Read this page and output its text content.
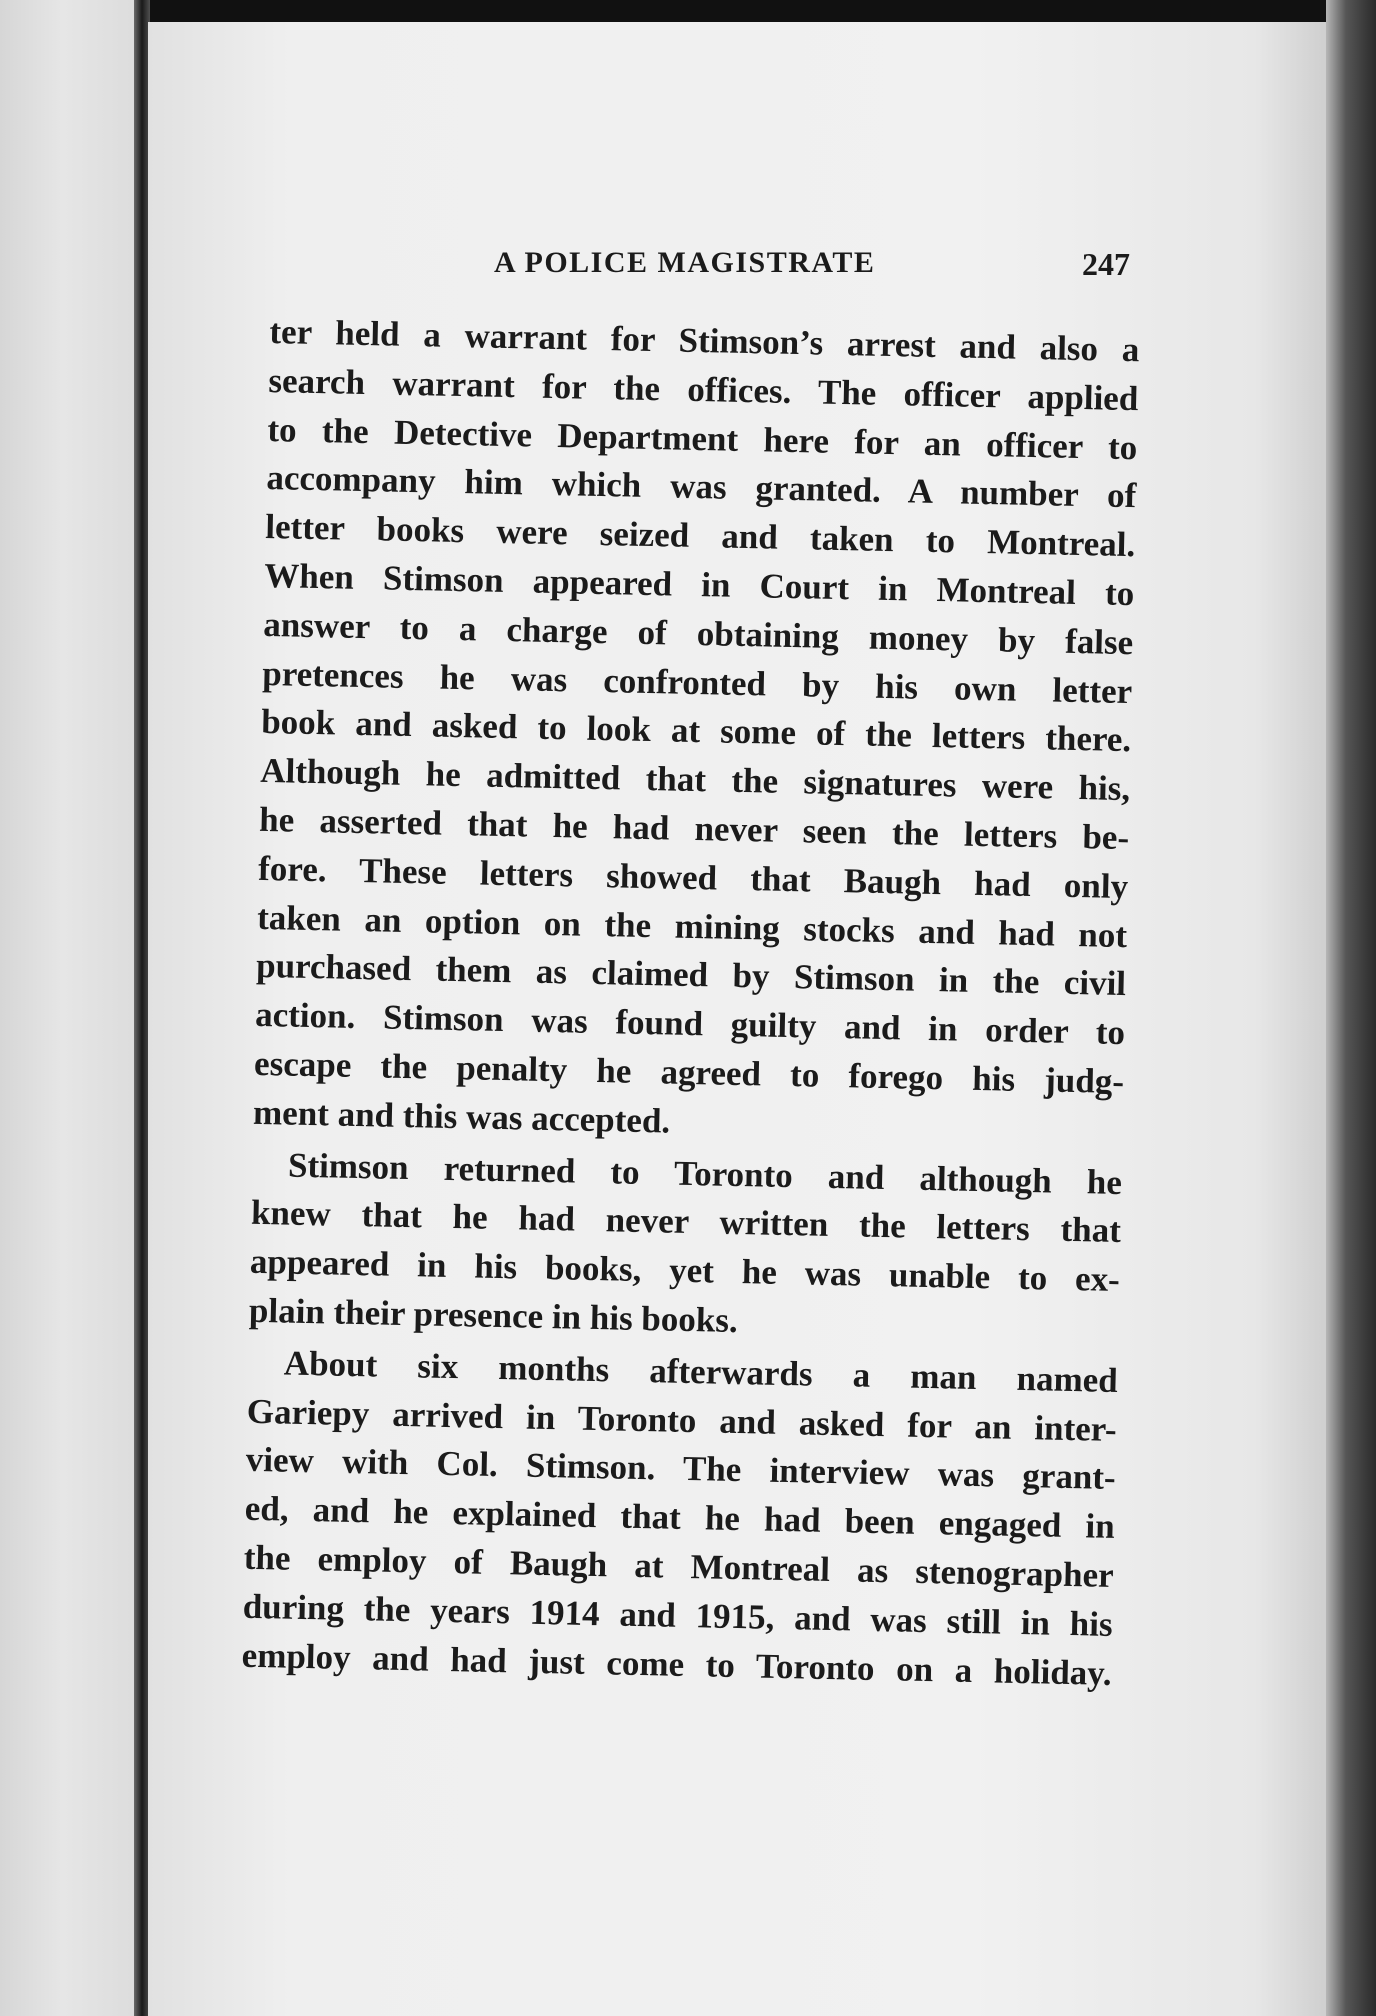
A POLICE MAGISTRATE	247
ter held a warrant for Stimson’s arrest and also a
search warrant for the offices. The officer applied
to the Detective Department here for an officer to
accompany him which was granted. A number of
letter books were seized and taken to Montreal.
When Stimson appeared in Court in Montreal to
answer to a charge of obtaining money by false
pretences he was confronted by his own letter
book and asked to look at some of the letters there.
Although he admitted that the signatures were his,
he asserted that he had never seen the letters be-
fore. These letters showed that Baugh had only
taken an option on the mining stocks and had not
purchased them as claimed by Stimson in the civil
action. Stimson was found guilty and in order to
escape the penalty he agreed to forego his judg-
ment and this was accepted.
Stimson returned to Toronto and although he
knew that he had never written the letters that
appeared in his books, yet he was unable to ex-
plain their presence in his books.
About six months afterwards a man named
Gariepy arrived in Toronto and asked for an inter-
view with Col. Stimson. The interview was grant-
ed, and he explained that he had been engaged in
the employ of Baugh at Montreal as stenographer
during the years 1914 and 1915, and was still in his
employ and had just come to Toronto on a holiday.
